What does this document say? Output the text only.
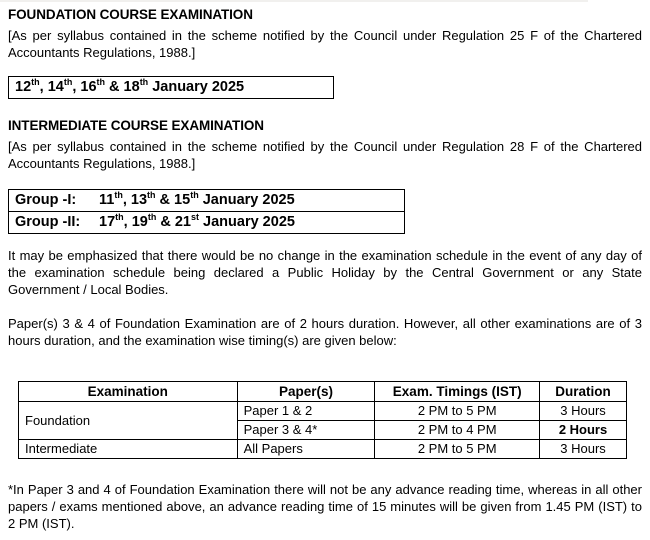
FOUNDATION COURSE EXAMINATION

[As per syllabus contained in the scheme notified by the Council under Regulation 25 F of the Chartered Accountants Regulations, 1988.]

12th, 14th, 16th & 18th January 2025
INTERMEDIATE COURSE EXAMINATION

[As per syllabus contained in the scheme notified by the Council under Regulation 28 F of the Chartered Accountants Regulations, 1988.]

Group -I:	11th, 13th & 15th January 2025
Group -II:	17th, 19th & 21st January 2025

It may be emphasized that there would be no change in the examination schedule in the event of any day of the examination schedule being declared a Public Holiday by the Central Government or any State Government / Local Bodies.

Paper(s) 3 & 4 of Foundation Examination are of 2 hours duration. However, all other examinations are of 3 hours duration, and the examination wise timing(s) are given below:

Examination	Paper(s)	Exam. Timings (IST)	Duration
Foundation	Paper 1 & 2	2 PM to 5 PM	3 Hours
	Paper 3 & 4*	2 PM to 4 PM	2 Hours
Intermediate	All Papers	2 PM to 5 PM	3 Hours

*In Paper 3 and 4 of Foundation Examination there will not be any advance reading time, whereas in all other papers / exams mentioned above, an advance reading time of 15 minutes will be given from 1.45 PM (IST) to 2 PM (IST).
